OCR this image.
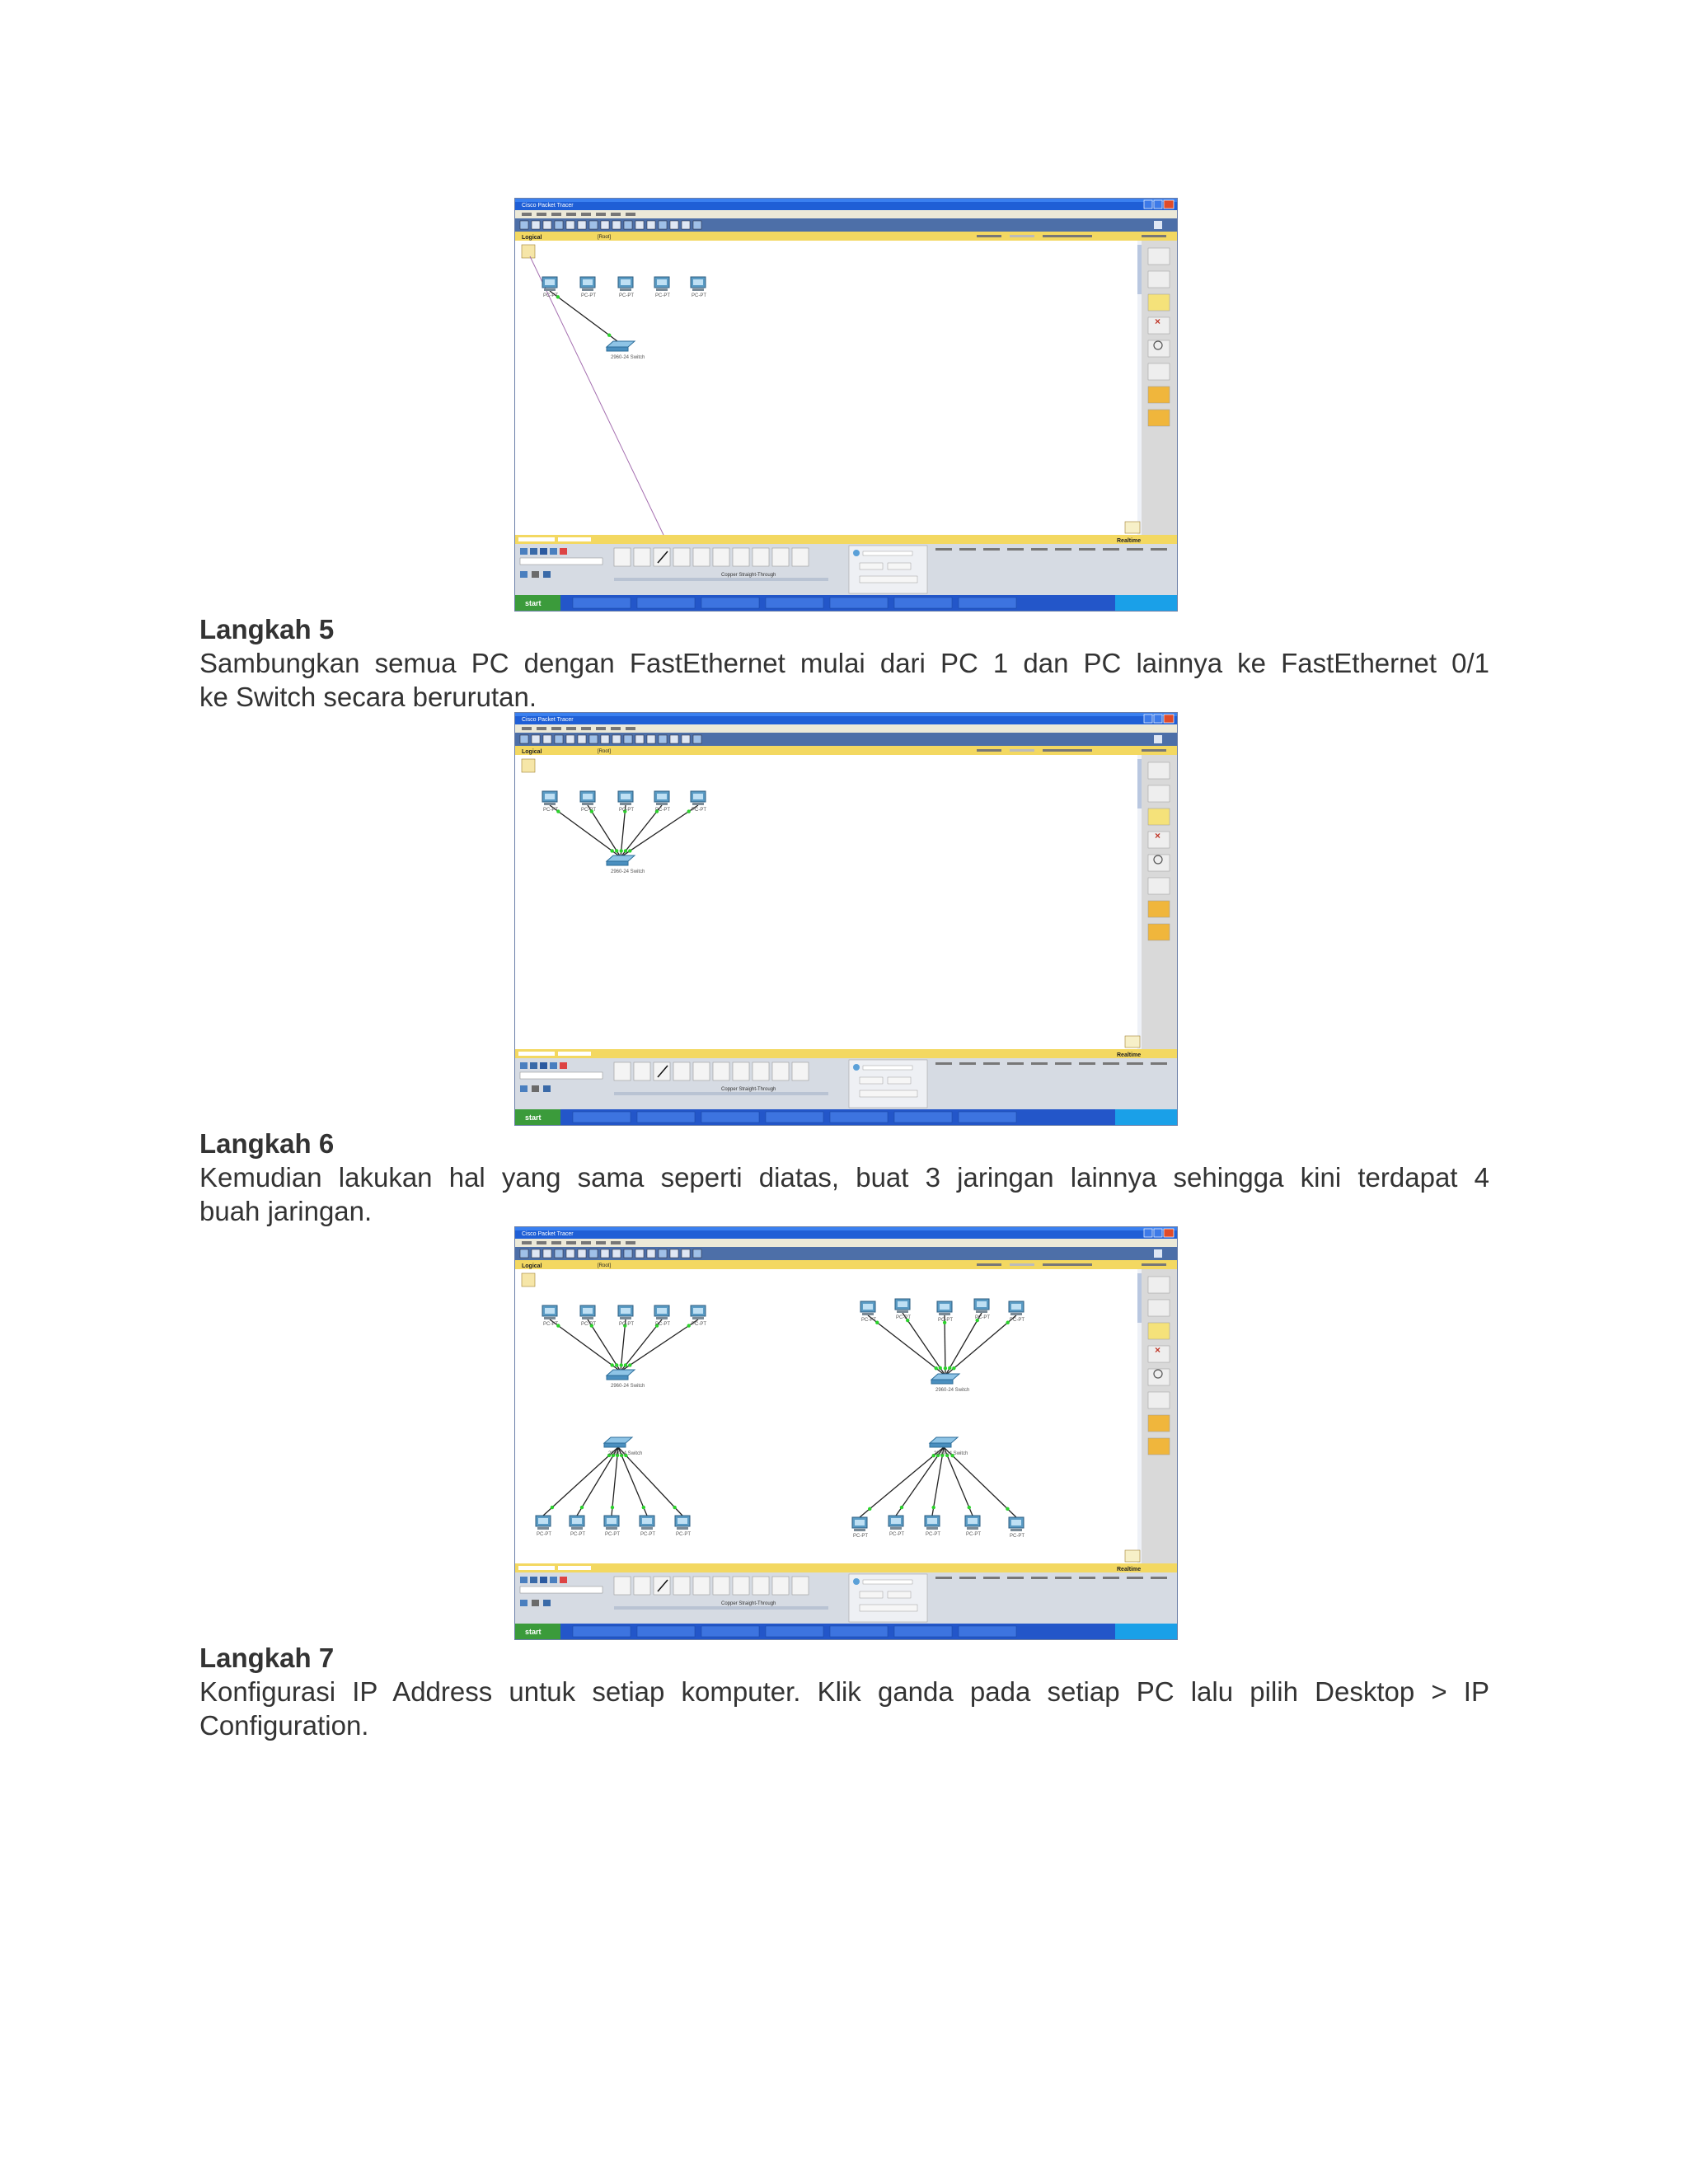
Cisco Packet Tracer
Logical	[Root]
×
Realtime
Copper Straight-Through
start
PC-PT	PC-PT	PC-PT	PC-PT	PC-PT
2960-24 Switch
Langkah 5

Sambungkan semua PC dengan FastEthernet mulai dari PC 1 dan PC lainnya ke FastEthernet 0/1
ke Switch secara berurutan.

Cisco Packet Tracer
Logical	[Root]
×
Realtime
Copper Straight-Through
start
PC-PT	PC-PT	PC-PT	PC-PT	PC-PT
2960-24 Switch
Langkah 6

Kemudian lakukan hal yang sama seperti diatas, buat 3 jaringan lainnya sehingga kini terdapat 4
buah jaringan.

Cisco Packet Tracer
Logical	[Root]
×
Realtime
Copper Straight-Through
start
PC-PT	PC-PT	PC-PT	PC-PT	PC-PT
2960-24 Switch
PC-PT	PC-PT	PC-PT	PC-PT	PC-PT
2960-24 Switch
PC-PT	PC-PT	PC-PT	PC-PT	PC-PT
2960-24 Switch
PC-PT	PC-PT	PC-PT	PC-PT	PC-PT
2960-24 Switch
Langkah 7

Konfigurasi IP Address untuk setiap komputer. Klik ganda pada setiap PC lalu pilih Desktop > IP
Configuration.
